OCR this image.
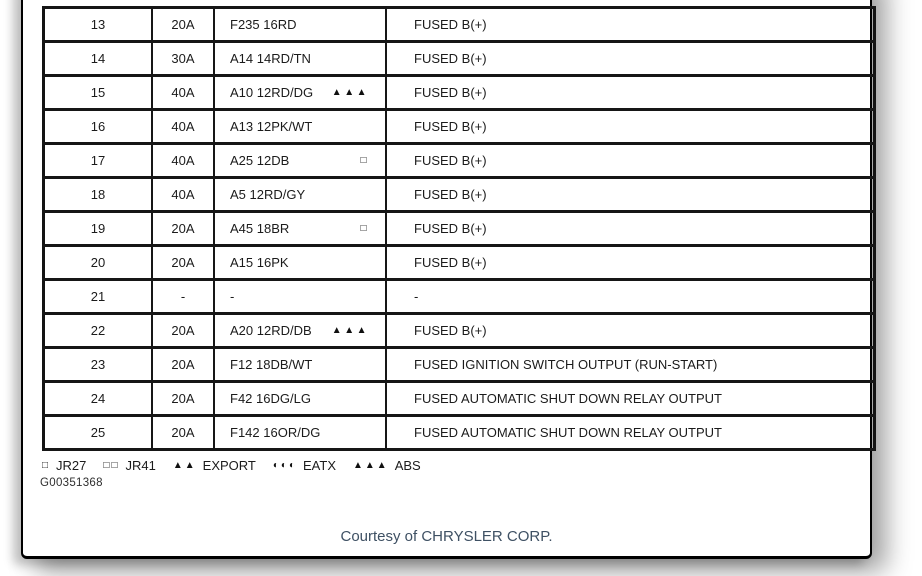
13	20A	F235 16RD	FUSED B(+)
14	30A	A14 14RD/TN	FUSED B(+)
15	40A	A10 12RD/DG ▲▲▲	FUSED B(+)
16	40A	A13 12PK/WT	FUSED B(+)
17	40A	A25 12DB □	FUSED B(+)
18	40A	A5 12RD/GY	FUSED B(+)
19	20A	A45 18BR □	FUSED B(+)
20	20A	A15 16PK	FUSED B(+)
21	-	-	-
22	20A	A20 12RD/DB ▲▲▲	FUSED B(+)
23	20A	F12 18DB/WT	FUSED IGNITION SWITCH OUTPUT (RUN-START)
24	20A	F42 16DG/LG	FUSED AUTOMATIC SHUT DOWN RELAY OUTPUT
25	20A	F142 16OR/DG	FUSED AUTOMATIC SHUT DOWN RELAY OUTPUT
□ JR27 □□ JR41 ▲▲ EXPORT ◐◐◐ EATX ▲▲▲ ABS
G00351368
Courtesy of CHRYSLER CORP.
